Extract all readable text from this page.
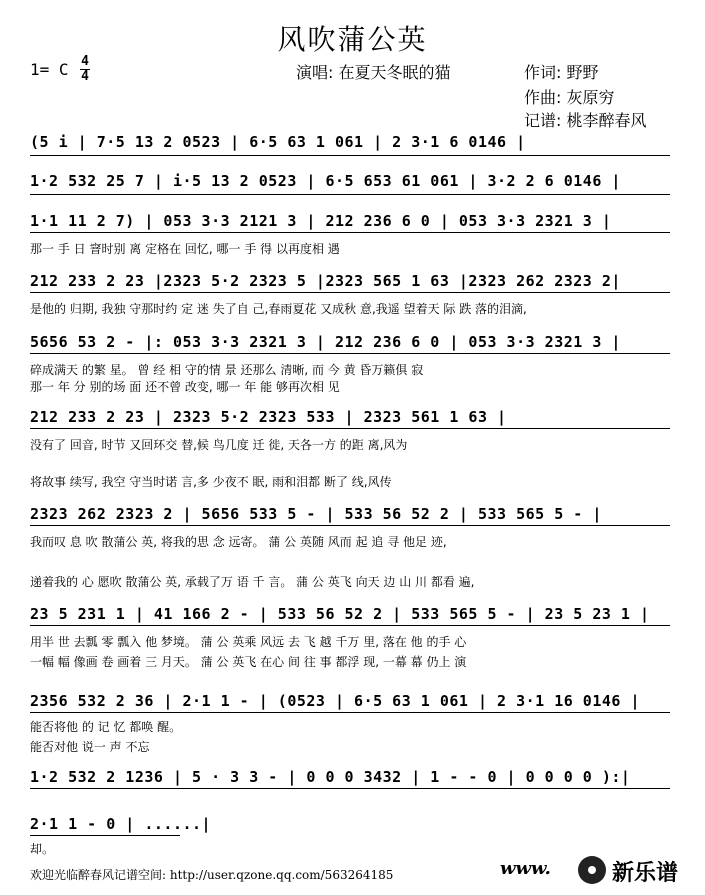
风吹蒲公英
1= C 4
4	演唱: 在夏天冬眠的猫	作词: 野野
作曲: 灰原穷
记谱: 桃李醉春风
(5 i | 7·5 13 2 0523 | 6·5 63 1 061 | 2 3·1 6 0146 |
1·2 532 25 7 | i·5 13 2 0523 | 6·5 653 61 061 | 3·2 2 6 0146 |
1·1 11 2 7) | 053 3·3 2121 3 | 212 236 6 0 | 053 3·3 2321 3 |
那一 手 日 窨时别 离 定格在 回忆, 哪一 手 得 以再度相 遇
212 233 2 23 |2323 5·2 2323 5 |2323 565 1 63 |2323 262 2323 2|
是他的 归期, 我独 守那时约 定 迷 失了自 己,春雨夏花 又成秋 意,我遥 望着天 际 跌 落的泪滴,
5656 53 2 - |: 053 3·3 2321 3 | 212 236 6 0 | 053 3·3 2321 3 |
碎成满天 的繁 星。 曾 经 相 守的情 景 还那么 清晰, 而 今 黄 昏万籁俱 寂
那一 年 分 别的场 面 还不曾 改变, 哪一 年 能 够再次相 见
212 233 2 23 | 2323 5·2 2323 533 | 2323 561 1 63 |
没有了 回音, 时节 又回环交 替,候 鸟几度 迁 徙, 天各一方 的距 离,风为
将故事 续写, 我空 守当时诺 言,多 少夜不 眠, 雨和泪都 断了 线,风传
2323 262 2323 2 | 5656 533 5 - | 533 56 52 2 | 533 565 5 - |
我而叹 息 吹 散蒲公 英, 将我的思 念 远寄。 蒲 公 英随 风而 起 追 寻 他足 迹,
递着我的 心 愿吹 散蒲公 英, 承载了万 语 千 言。 蒲 公 英飞 向天 边 山 川 都看 遍,
23 5 231 1 | 41 166 2 - | 533 56 52 2 | 533 565 5 - | 23 5 23 1 |
用半 世 去瓢 零 瓢入 他 梦境。 蒲 公 英乘 风远 去 飞 越 千万 里, 落在 他 的手 心
一幅 幅 像画 卷 画着 三 月天。 蒲 公 英飞 在心 间 往 事 都浮 现, 一幕 幕 仍上 演
2356 532 2 36 | 2·1 1 - | (0523 | 6·5 63 1 061 | 2 3·1 16 0146 |
能否将他 的 记 忆 都唤 醒。
能否对他 说一 声 不忘
1·2 532 2 1236 | 5 · 3 3 - | 0 0 0 3432 | 1 - - 0 | 0 0 0 0 ):|
2·1 1 - 0 | ......|
却。
欢迎光临醉春风记谱空间: http://user.qzone.qq.com/563264185	www.	新乐谱
